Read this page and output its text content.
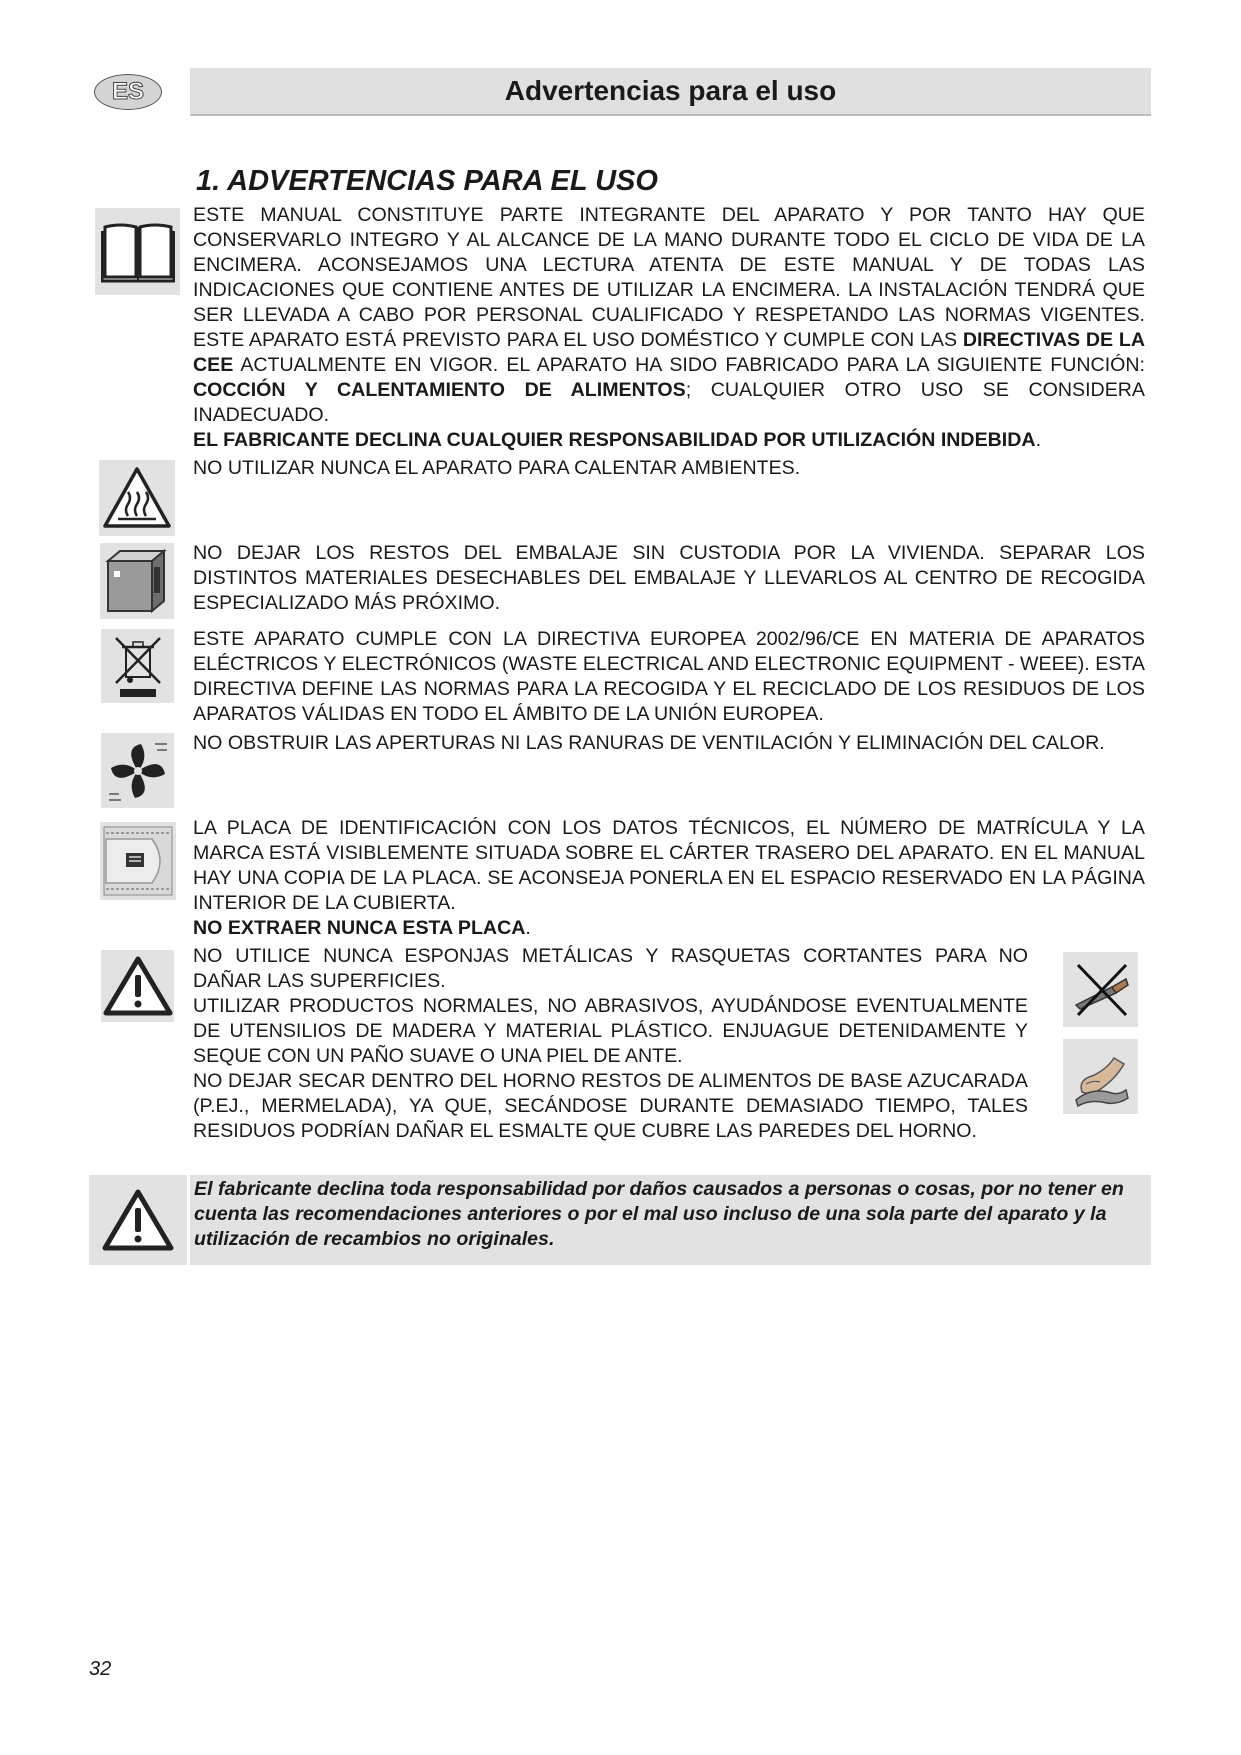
ES	Advertencias para el uso
1. ADVERTENCIAS PARA EL USO

ESTE MANUAL CONSTITUYE PARTE INTEGRANTE DEL APARATO Y POR TANTO HAY QUE CONSERVARLO INTEGRO Y AL ALCANCE DE LA MANO DURANTE TODO EL CICLO DE VIDA DE LA ENCIMERA. ACONSEJAMOS UNA LECTURA ATENTA DE ESTE MANUAL Y DE TODAS LAS INDICACIONES QUE CONTIENE ANTES DE UTILIZAR LA ENCIMERA. LA INSTALACIÓN TENDRÁ QUE SER LLEVADA A CABO POR PERSONAL CUALIFICADO Y RESPETANDO LAS NORMAS VIGENTES. ESTE APARATO ESTÁ PREVISTO PARA EL USO DOMÉSTICO Y CUMPLE CON LAS DIRECTIVAS DE LA CEE ACTUALMENTE EN VIGOR. EL APARATO HA SIDO FABRICADO PARA LA SIGUIENTE FUNCIÓN: COCCIÓN Y CALENTAMIENTO DE ALIMENTOS; CUALQUIER OTRO USO SE CONSIDERA INADECUADO.

EL FABRICANTE DECLINA CUALQUIER RESPONSABILIDAD POR UTILIZACIÓN INDEBIDA.

NO UTILIZAR NUNCA EL APARATO PARA CALENTAR AMBIENTES.
NO DEJAR LOS RESTOS DEL EMBALAJE SIN CUSTODIA POR LA VIVIENDA. SEPARAR LOS DISTINTOS MATERIALES DESECHABLES DEL EMBALAJE Y LLEVARLOS AL CENTRO DE RECOGIDA ESPECIALIZADO MÁS PRÓXIMO.
ESTE APARATO CUMPLE CON LA DIRECTIVA EUROPEA 2002/96/CE EN MATERIA DE APARATOS ELÉCTRICOS Y ELECTRÓNICOS (WASTE ELECTRICAL AND ELECTRONIC EQUIPMENT - WEEE). ESTA DIRECTIVA DEFINE LAS NORMAS PARA LA RECOGIDA Y EL RECICLADO DE LOS RESIDUOS DE LOS APARATOS VÁLIDAS EN TODO EL ÁMBITO DE LA UNIÓN EUROPEA.
NO OBSTRUIR LAS APERTURAS NI LAS RANURAS DE VENTILACIÓN Y ELIMINACIÓN DEL CALOR.

LA PLACA DE IDENTIFICACIÓN CON LOS DATOS TÉCNICOS, EL NÚMERO DE MATRÍCULA Y LA MARCA ESTÁ VISIBLEMENTE SITUADA SOBRE EL CÁRTER TRASERO DEL APARATO. EN EL MANUAL HAY UNA COPIA DE LA PLACA. SE ACONSEJA PONERLA EN EL ESPACIO RESERVADO EN LA PÁGINA INTERIOR DE LA CUBIERTA.

NO EXTRAER NUNCA ESTA PLACA.

NO UTILICE NUNCA ESPONJAS METÁLICAS Y RASQUETAS CORTANTES PARA NO DAÑAR LAS SUPERFICIES.

UTILIZAR PRODUCTOS NORMALES, NO ABRASIVOS, AYUDÁNDOSE EVENTUALMENTE DE UTENSILIOS DE MADERA Y MATERIAL PLÁSTICO. ENJUAGUE DETENIDAMENTE Y SEQUE CON UN PAÑO SUAVE O UNA PIEL DE ANTE.

NO DEJAR SECAR DENTRO DEL HORNO RESTOS DE ALIMENTOS DE BASE AZUCARADA (P.EJ., MERMELADA), YA QUE, SECÁNDOSE DURANTE DEMASIADO TIEMPO, TALES RESIDUOS PODRÍAN DAÑAR EL ESMALTE QUE CUBRE LAS PAREDES DEL HORNO.

El fabricante declina toda responsabilidad por daños causados a personas o cosas, por no tener en cuenta las recomendaciones anteriores o por el mal uso incluso de una sola parte del aparato y la utilización de recambios no originales.
32
